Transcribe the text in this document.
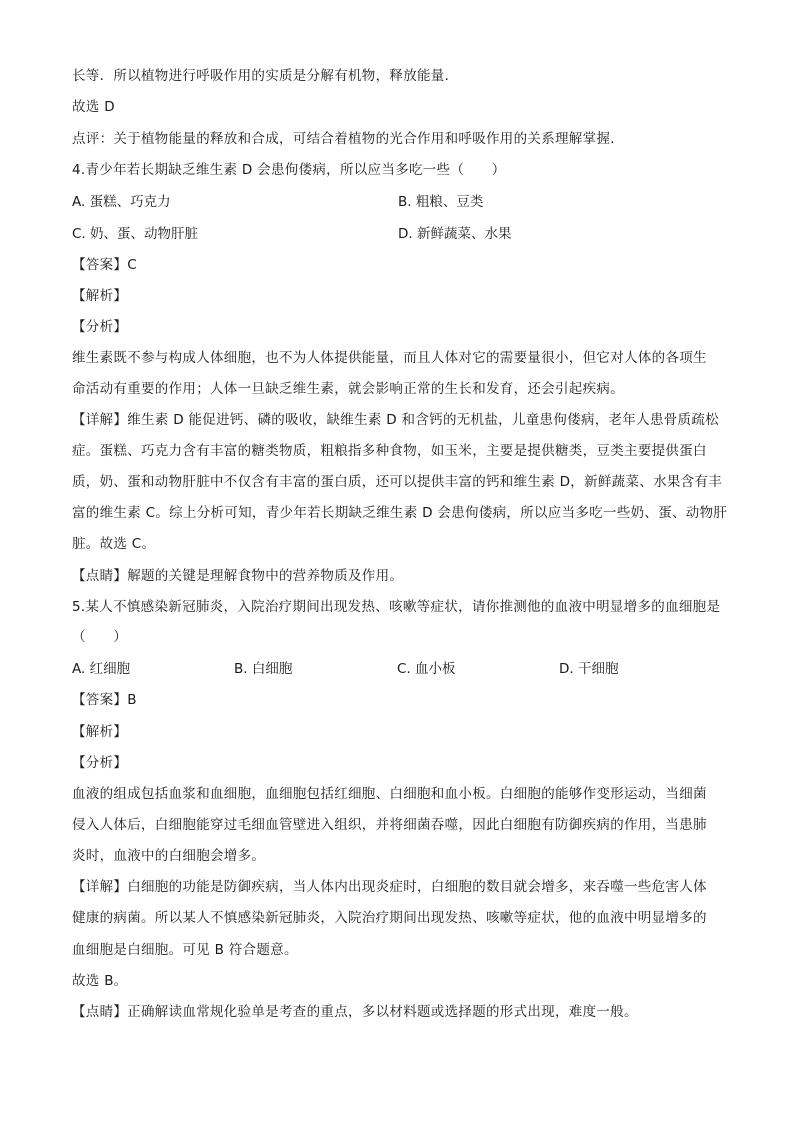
长等．所以植物进行呼吸作用的实质是分解有机物，释放能量．
故选 D
点评：关于植物能量的释放和合成，可结合着植物的光合作用和呼吸作用的关系理解掌握．
4.青少年若长期缺乏维生素 D 会患佝偻病，所以应当多吃一些（　　）
A. 蛋糕、巧克力	B. 粗粮、豆类
C. 奶、蛋、动物肝脏	D. 新鲜蔬菜、水果
【答案】C
【解析】
【分析】
维生素既不参与构成人体细胞，也不为人体提供能量，而且人体对它的需要量很小，但它对人体的各项生
命活动有重要的作用；人体一旦缺乏维生素，就会影响正常的生长和发育，还会引起疾病。
【详解】维生素 D 能促进钙、磷的吸收，缺维生素 D 和含钙的无机盐，儿童患佝偻病，老年人患骨质疏松
症。蛋糕、巧克力含有丰富的糖类物质，粗粮指多种食物，如玉米，主要是提供糖类，豆类主要提供蛋白
质，奶、蛋和动物肝脏中不仅含有丰富的蛋白质，还可以提供丰富的钙和维生素 D，新鲜蔬菜、水果含有丰
富的维生素 C。综上分析可知，青少年若长期缺乏维生素 D 会患佝偻病，所以应当多吃一些奶、蛋、动物肝
脏。故选 C。
【点睛】解题的关键是理解食物中的营养物质及作用。
5.某人不慎感染新冠肺炎，入院治疗期间出现发热、咳嗽等症状，请你推测他的血液中明显增多的血细胞是
（　　）
A. 红细胞	B. 白细胞	C. 血小板	D. 干细胞
【答案】B
【解析】
【分析】
血液的组成包括血浆和血细胞，血细胞包括红细胞、白细胞和血小板。白细胞的能够作变形运动，当细菌
侵入人体后，白细胞能穿过毛细血管壁进入组织，并将细菌吞噬，因此白细胞有防御疾病的作用，当患肺
炎时，血液中的白细胞会增多。
【详解】白细胞的功能是防御疾病，当人体内出现炎症时，白细胞的数目就会增多，来吞噬一些危害人体
健康的病菌。所以某人不慎感染新冠肺炎，入院治疗期间出现发热、咳嗽等症状，他的血液中明显增多的
血细胞是白细胞。可见 B 符合题意。
故选 B。
【点睛】正确解读血常规化验单是考查的重点，多以材料题或选择题的形式出现，难度一般。
